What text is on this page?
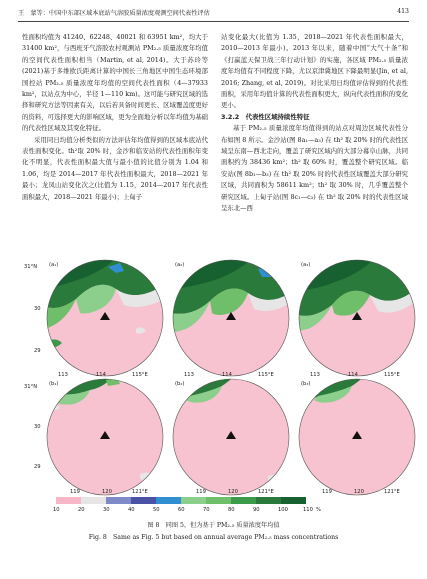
王　蒙等：中国中东部区域本底站气溶胶质量浓度观测空间代表性评估	413

性面积均值为 41240、62248、40021 和 63951 km²，均大于 31400 km²，与西班牙气溶胶农村观测站 PM₂.₅ 质量浓度年均值的空间代表性面积相当（Martin, et al, 2014)。大于苏玲等(2021)基于多维欧氏距离计算的中国长三角地区中国生态环境部国控站 PM₂.₅ 质量浓度年均值的空间代表性面积（4—37933 km²，以站点为中心，半径 1—110 km)。这可能与研究区域的选择和研究方法等因素有关，以后若具备时间更长、区域覆盖度更好的资料，可选择更大的影响区域，更为全面地分析以年均值为基础的代表性区域及其变化特征。

采用同日均值分析类似的方法评估年均值得到的区域本底站代表性面积变化。th²取 20% 时，金沙和临安站的代表性面积年变化不明显，代表性面积最大值与最小值的比值分别为 1.04 和 1.06，均是 2014—2017 年代表性面积最大，2018—2021 年最小；龙凤山站变化次之(比值为 1.15，2014—2017 年代表性面积最大，2018—2021 年最小)；上甸子

站变化最大(比值为 1.35，2018—2021 年代表性面积最大，2010—2013 年最小)。2013 年以来，随着中国“大气十条”和《打赢蓝天保卫战三年行动计划》的实施，各区域 PM₂.₅ 质量浓度年均值有不同程度下降，尤以京津冀地区下降最明显(Jin, et al, 2016; Zhang, et al, 2019)。对比采用日均值评估得到的代表性面积，采用年均值计算的代表性面积更大，纵向代表性面积的变化更小。

3.2.2　代表性区域持续性特征

基于 PM₂.₅ 质量浓度年均值得到的站点对周边区域代表性分布如图 8 所示。金沙站(图 8a₁—a₃) 在 th² 取 20% 时的代表性区域呈东南—西北走向，覆盖了研究区域内的大部分幕阜山脉，共同面积约为 38436 km²；th² 取 60% 时，覆盖整个研究区域。临安站(图 8b₁—b₃) 在 th² 取 20% 时的代表性区域覆盖大部分研究区域，共同面积为 58611 km²；th² 取 30% 时，几乎覆盖整个研究区域。上甸子站(图 8c₁—c₃) 在 th² 取 20% 时的代表性区域呈东北—西

(a₁)	(a₂)	(a₃)
(b₁)	(b₂)	(b₃)
31°N
30
29
113	114	115°E	113	114	115°E	113	114	115°E
31°N
30
29
119	120	121°E	119	120	121°E	119	120	121°E
10	20	30	40	50	60	70	80	90	100	110 %
图 8　同图 5，但为基于 PM₂.₅ 质量浓度年均值
Fig. 8　Same as Fig. 5 but based on annual average PM₂.₅ mass concentrations
